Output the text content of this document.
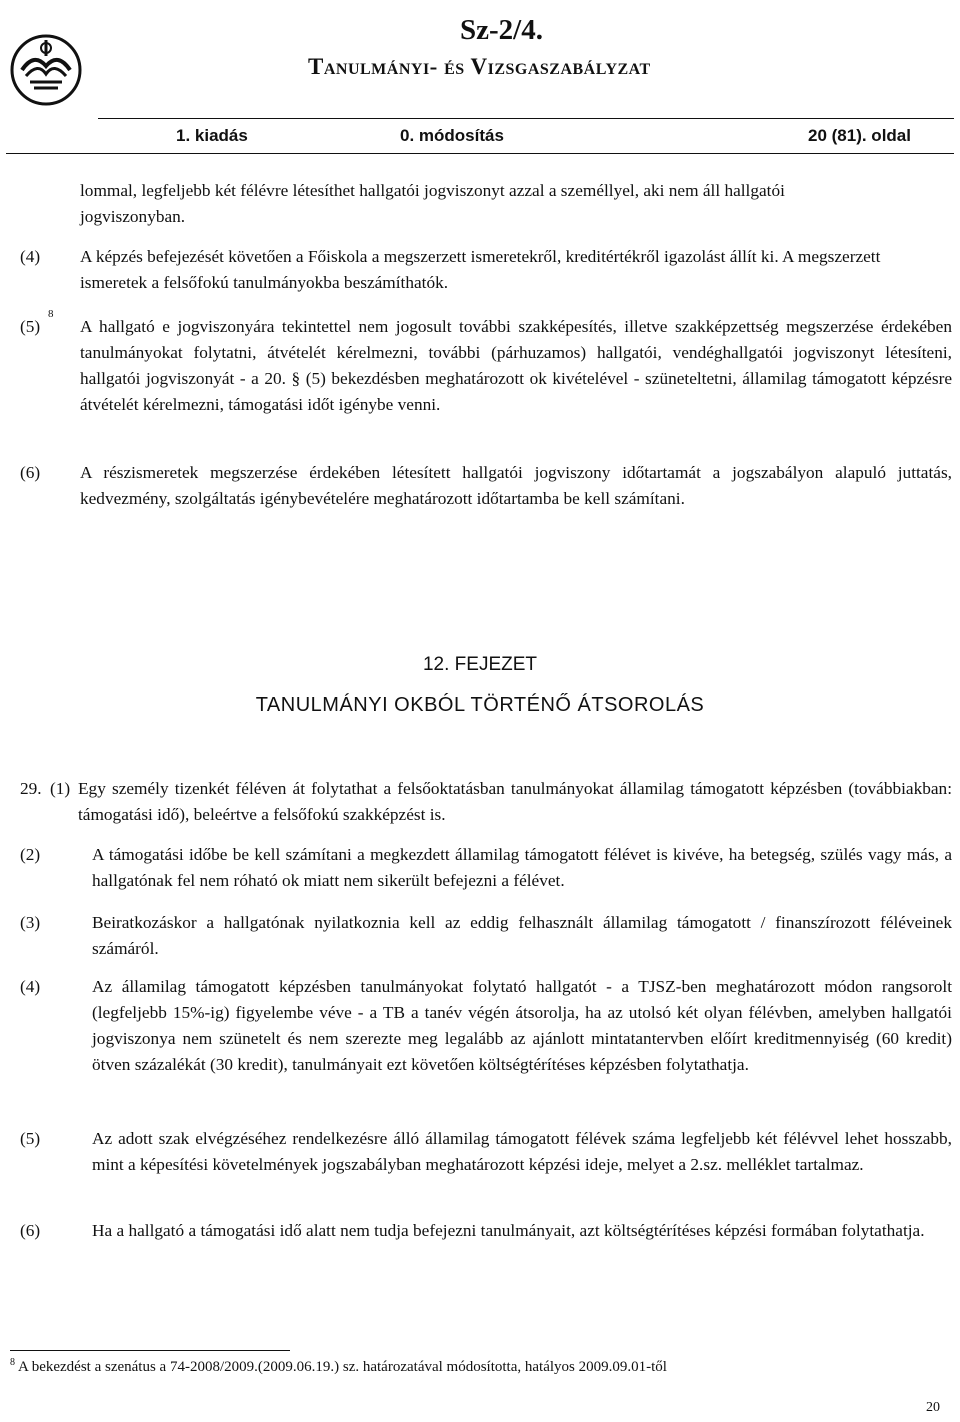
Sz-2/4.
Tanulmányi- és Vizsgaszabályzat
1. kiadás	0. módosítás	20 (81). oldal
lommal, legfeljebb két félévre létesíthet hallgatói jogviszonyt azzal a személlyel, aki nem áll hallgatói
jogviszonyban.
(4) A képzés befejezését követően a Főiskola a megszerzett ismeretekről, kreditértékről igazolást állít ki. A megszerzett ismeretek a felsőfokú tanulmányokba beszámíthatók.
(5)
8
A hallgató e jogviszonyára tekintettel nem jogosult további szakképesítés, illetve szakképzettség megszerzése érdekében tanulmányokat folytatni, átvételét kérelmezni, további (párhuzamos) hallgatói, vendéghallgatói jogviszonyt létesíteni, hallgatói jogviszonyát - a 20. § (5) bekezdésben meghatározott ok kivételével - szüneteltetni, államilag támogatott képzésre átvételét kérelmezni, támogatási időt igénybe venni.
(6) A részismeretek megszerzése érdekében létesített hallgatói jogviszony időtartamát a jogszabályon alapuló juttatás, kedvezmény, szolgáltatás igénybevételére meghatározott időtartamba be kell számítani.
12. FEJEZET
TANULMÁNYI OKBÓL TÖRTÉNŐ ÁTSOROLÁS
29. (1) Egy személy tizenkét féléven át folytathat a felsőoktatásban tanulmányokat államilag támogatott képzésben (továbbiakban: támogatási idő), beleértve a felsőfokú szakképzést is.
(2)	A támogatási időbe be kell számítani a megkezdett államilag támogatott félévet is kivéve, ha betegség, szülés vagy más, a hallgatónak fel nem róható ok miatt nem sikerült befejezni a félévet.
(3)	Beiratkozáskor a hallgatónak nyilatkoznia kell az eddig felhasznált államilag támogatott / finanszírozott féléveinek számáról.
(4)	Az államilag támogatott képzésben tanulmányokat folytató hallgatót - a TJSZ-ben meghatározott módon rangsorolt (legfeljebb 15%-ig) figyelembe véve - a TB a tanév végén átsorolja, ha az utolsó két olyan félévben, amelyben hallgatói jogviszonya nem szünetelt és nem szerezte meg legalább az ajánlott mintatantervben előírt kreditmennyiség (60 kredit) ötven százalékát (30 kredit), tanulmányait ezt követően költségtérítéses képzésben folytathatja.
(5)	Az adott szak elvégzéséhez rendelkezésre álló államilag támogatott félévek száma legfeljebb két félévvel lehet hosszabb, mint a képesítési követelmények jogszabályban meghatározott képzési ideje, melyet a 2.sz. melléklet tartalmaz.
(6)	Ha a hallgató a támogatási idő alatt nem tudja befejezni tanulmányait, azt költségtérítéses képzési formában folytathatja.
$^8$ A bekezdést a szenátus a 74-2008/2009.(2009.06.19.) sz. határozatával módosította, hatályos 2009.09.01-től
20
